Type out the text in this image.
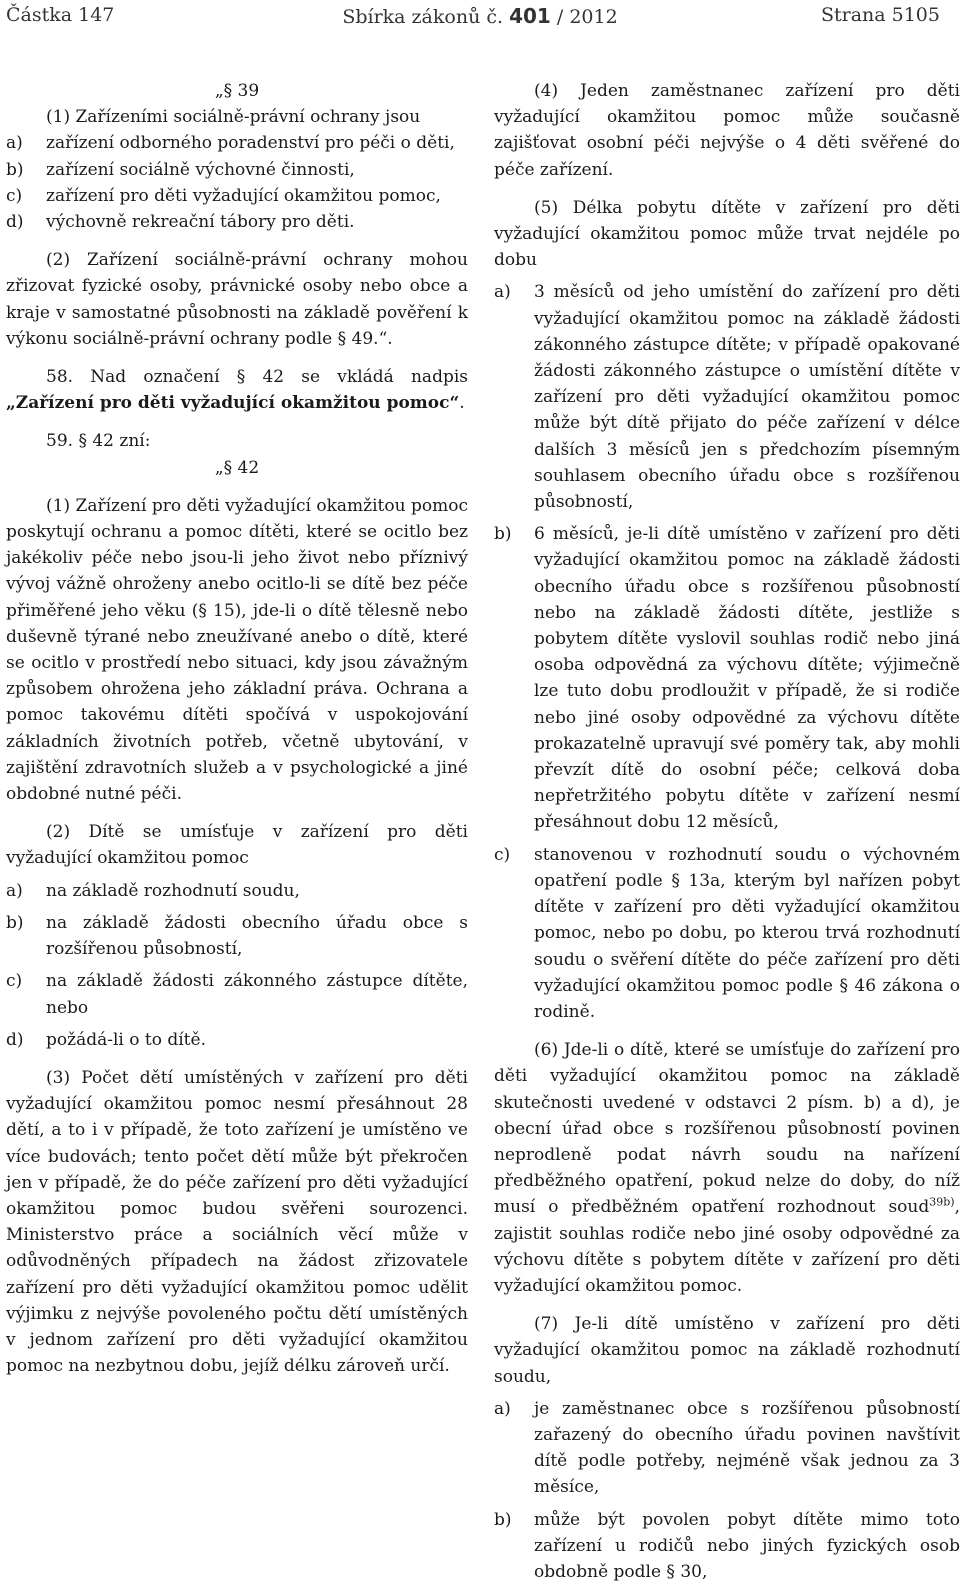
Částka 147	Sbírka zákonů č. 401 / 2012	Strana 5105

„§ 39

(1) Zařízeními sociálně-právní ochrany jsou

a)	zařízení odborného poradenství pro péči o děti,
b)	zařízení sociálně výchovné činnosti,
c)	zařízení pro děti vyžadující okamžitou pomoc,
d)	výchovně rekreační tábory pro děti.

(2) Zařízení sociálně-právní ochrany mohou zřizovat fyzické osoby, právnické osoby nebo obce a kraje v samostatné působnosti na základě pověření k výkonu sociálně-právní ochrany podle § 49.“.

58. Nad označení § 42 se vkládá nadpis „Zařízení pro děti vyžadující okamžitou pomoc“.

59. § 42 zní:

„§ 42

(1) Zařízení pro děti vyžadující okamžitou pomoc poskytují ochranu a pomoc dítěti, které se ocitlo bez jakékoliv péče nebo jsou-li jeho život nebo příznivý vývoj vážně ohroženy anebo ocitlo-li se dítě bez péče přiměřené jeho věku (§ 15), jde-li o dítě tělesně nebo duševně týrané nebo zneužívané anebo o dítě, které se ocitlo v prostředí nebo situaci, kdy jsou závažným způsobem ohrožena jeho základní práva. Ochrana a pomoc takovému dítěti spočívá v uspokojování základních životních potřeb, včetně ubytování, v zajištění zdravotních služeb a v psychologické a jiné obdobné nutné péči.

(2) Dítě se umísťuje v zařízení pro děti vyžadující okamžitou pomoc

a)	na základě rozhodnutí soudu,
b)	na základě žádosti obecního úřadu obce s rozšířenou působností,
c)	na základě žádosti zákonného zástupce dítěte, nebo
d)	požádá-li o to dítě.

(3) Počet dětí umístěných v zařízení pro děti vyžadující okamžitou pomoc nesmí přesáhnout 28 dětí, a to i v případě, že toto zařízení je umístěno ve více budovách; tento počet dětí může být překročen jen v případě, že do péče zařízení pro děti vyžadující okamžitou pomoc budou svěřeni sourozenci. Ministerstvo práce a sociálních věcí může v odůvodněných případech na žádost zřizovatele zařízení pro děti vyžadující okamžitou pomoc udělit výjimku z nejvýše povoleného počtu dětí umístěných v jednom zařízení pro děti vyžadující okamžitou pomoc na nezbytnou dobu, jejíž délku zároveň určí.

(4) Jeden zaměstnanec zařízení pro děti vyžadující okamžitou pomoc může současně zajišťovat osobní péči nejvýše o 4 děti svěřené do péče zařízení.

(5) Délka pobytu dítěte v zařízení pro děti vyžadující okamžitou pomoc může trvat nejdéle po dobu

a)	3 měsíců od jeho umístění do zařízení pro děti vyžadující okamžitou pomoc na základě žádosti zákonného zástupce dítěte; v případě opakované žádosti zákonného zástupce o umístění dítěte v zařízení pro děti vyžadující okamžitou pomoc může být dítě přijato do péče zařízení v délce dalších 3 měsíců jen s předchozím písemným souhlasem obecního úřadu obce s rozšířenou působností,
b)	6 měsíců, je-li dítě umístěno v zařízení pro děti vyžadující okamžitou pomoc na základě žádosti obecního úřadu obce s rozšířenou působností nebo na základě žádosti dítěte, jestliže s pobytem dítěte vyslovil souhlas rodič nebo jiná osoba odpovědná za výchovu dítěte; výjimečně lze tuto dobu prodloužit v případě, že si rodiče nebo jiné osoby odpovědné za výchovu dítěte prokazatelně upravují své poměry tak, aby mohli převzít dítě do osobní péče; celková doba nepřetržitého pobytu dítěte v zařízení nesmí přesáhnout dobu 12 měsíců,
c)	stanovenou v rozhodnutí soudu o výchovném opatření podle § 13a, kterým byl nařízen pobyt dítěte v zařízení pro děti vyžadující okamžitou pomoc, nebo po dobu, po kterou trvá rozhodnutí soudu o svěření dítěte do péče zařízení pro děti vyžadující okamžitou pomoc podle § 46 zákona o rodině.

(6) Jde-li o dítě, které se umísťuje do zařízení pro děti vyžadující okamžitou pomoc na základě skutečnosti uvedené v odstavci 2 písm. b) a d), je obecní úřad obce s rozšířenou působností povinen neprodleně podat návrh soudu na nařízení předběžného opatření, pokud nelze do doby, do níž musí o předběžném opatření rozhodnout soud$^{39b)}$, zajistit souhlas rodiče nebo jiné osoby odpovědné za výchovu dítěte s pobytem dítěte v zařízení pro děti vyžadující okamžitou pomoc.

(7) Je-li dítě umístěno v zařízení pro děti vyžadující okamžitou pomoc na základě rozhodnutí soudu,

a)	je zaměstnanec obce s rozšířenou působností zařazený do obecního úřadu povinen navštívit dítě podle potřeby, nejméně však jednou za 3 měsíce,
b)	může být povolen pobyt dítěte mimo toto zařízení u rodičů nebo jiných fyzických osob obdobně podle § 30,
